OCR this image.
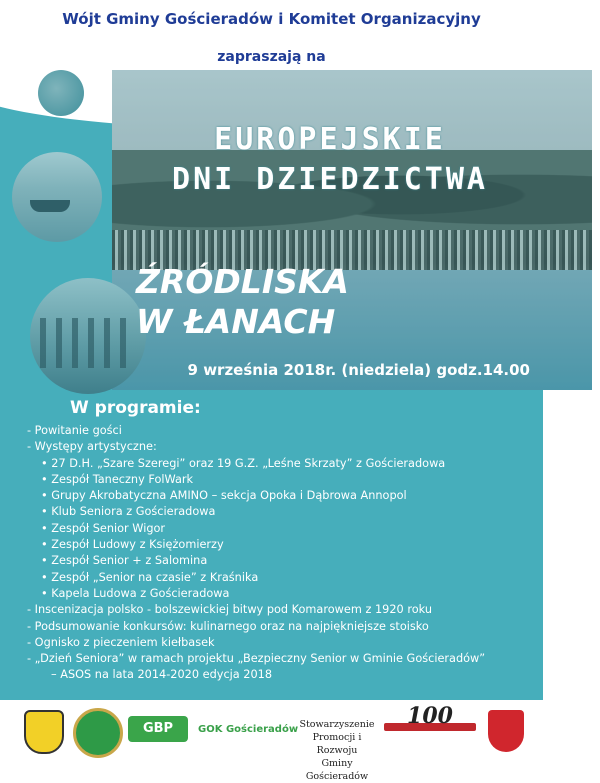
Wójt Gminy Gościeradów i Komitet Organizacyjny
zapraszają na
EUROPEJSKIE
DNI DZIEDZICTWA
ŹRÓDLISKA
W ŁANACH
9 września 2018r. (niedziela) godz.14.00
W programie:
- Powitanie gości
- Występy artystyczne:
• 27 D.H. „Szare Szeregi” oraz 19 G.Z. „Leśne Skrzaty” z Gościeradowa
• Zespół Taneczny FolWark
• Grupy Akrobatyczna AMINO – sekcja Opoka i Dąbrowa Annopol
• Klub Seniora z Gościeradowa
• Zespół Senior Wigor
• Zespół Ludowy z Księżomierzy
• Zespół Senior + z Salomina
• Zespół „Senior na czasie” z Kraśnika
• Kapela Ludowa z Gościeradowa
- Inscenizacja polsko - bolszewickiej bitwy pod Komarowem z 1920 roku
- Podsumowanie konkursów: kulinarnego oraz na najpiękniejsze stoisko
- Ognisko z pieczeniem kiełbasek
- „Dzień Seniora” w ramach projektu „Bezpieczny Senior w Gminie Gościeradów”
– ASOS na lata 2014-2020 edycja 2018
GBP	GOK Gościeradów Stowarzyszenie
Promocji i Rozwoju
Gminy Gościeradów
100
